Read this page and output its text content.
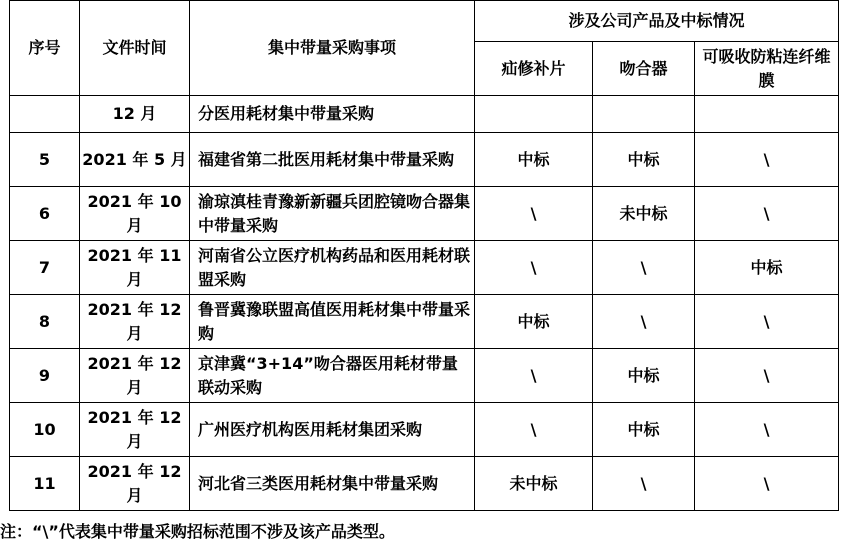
序号	文件时间	集中带量采购事项	涉及公司产品及中标情况		
			疝修补片	吻合器	可吸收防粘连纤维膜
	12 月	分医用耗材集中带量采购			
5	2021 年 5 月	福建省第二批医用耗材集中带量采购	中标	中标	\
6	2021 年 10 月	渝琼滇桂青豫新新疆兵团腔镜吻合器集中带量采购	\	未中标	\
7	2021 年 11 月	河南省公立医疗机构药品和医用耗材联盟采购	\	\	中标
8	2021 年 12 月	鲁晋冀豫联盟高值医用耗材集中带量采购	中标	\	\
9	2021 年 12 月	京津冀“3+14”吻合器医用耗材带量联动采购	\	中标	\
10	2021 年 12 月	广州医疗机构医用耗材集团采购	\	中标	\
11	2021 年 12 月	河北省三类医用耗材集中带量采购	未中标	\	\
注：“\”代表集中带量采购招标范围不涉及该产品类型。
